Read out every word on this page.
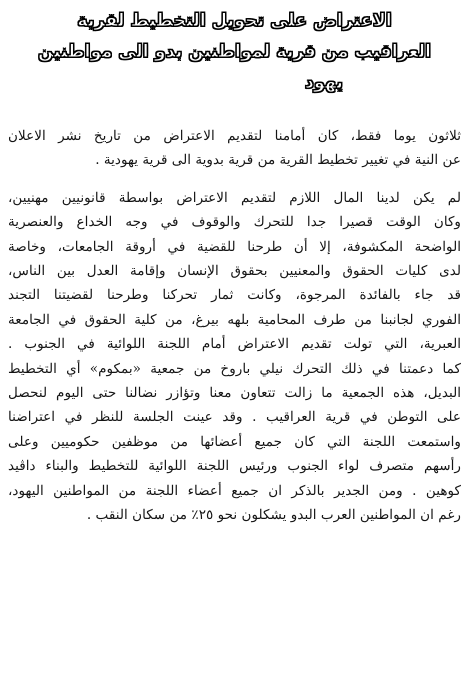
الاعتراض على تحويل التخطيط لقرية
العراقيب من قرية لمواطنين بدو الى مواطنين
يهود
ثلاثون يوما فقط، كان أمامنا لتقديم الاعتراض من تاريخ نشر الاعلان
عن النية في تغيير تخطيط القرية من قرية بدوية الى قرية يهودية .
لم يكن لدينا المال اللازم لتقديم الاعتراض بواسطة قانونيين مهنيين،
وكان الوقت قصيرا جدا للتحرك والوقوف في وجه الخداع والعنصرية
الواضحة المكشوفة، إلا أن طرحنا للقضية في أروقة الجامعات، وخاصة
لدى كليات الحقوق والمعنيين بحقوق الإنسان وإقامة العدل بين الناس،
قد جاء بالفائدة المرجوة، وكانت ثمار تحركنا وطرحنا لقضيتنا التجند
الفوري لجانبنا من طرف المحامية بلهه بيرغ، من كلية الحقوق في الجامعة
العبرية، التي تولت تقديم الاعتراض أمام اللجنة اللوائية في الجنوب .
كما دعمتنا في ذلك التحرك نيلي باروخ من جمعية «بمكوم» أي التخطيط
البديل، هذه الجمعية ما زالت تتعاون معنا وتؤازر نضالنا حتى اليوم لنحصل
على التوطن في قرية العراقيب . وقد عينت الجلسة للنظر في اعتراضنا
واستمعت اللجنة التي كان جميع أعضائها من موظفين حكوميين وعلى
رأسهم متصرف لواء الجنوب ورئيس اللجنة اللوائية للتخطيط والبناء داڤيد
كوهين . ومن الجدير بالذكر ان جميع أعضاء اللجنة من المواطنين اليهود،
رغم ان المواطنين العرب البدو يشكلون نحو ٢٥٪ من سكان النقب .
